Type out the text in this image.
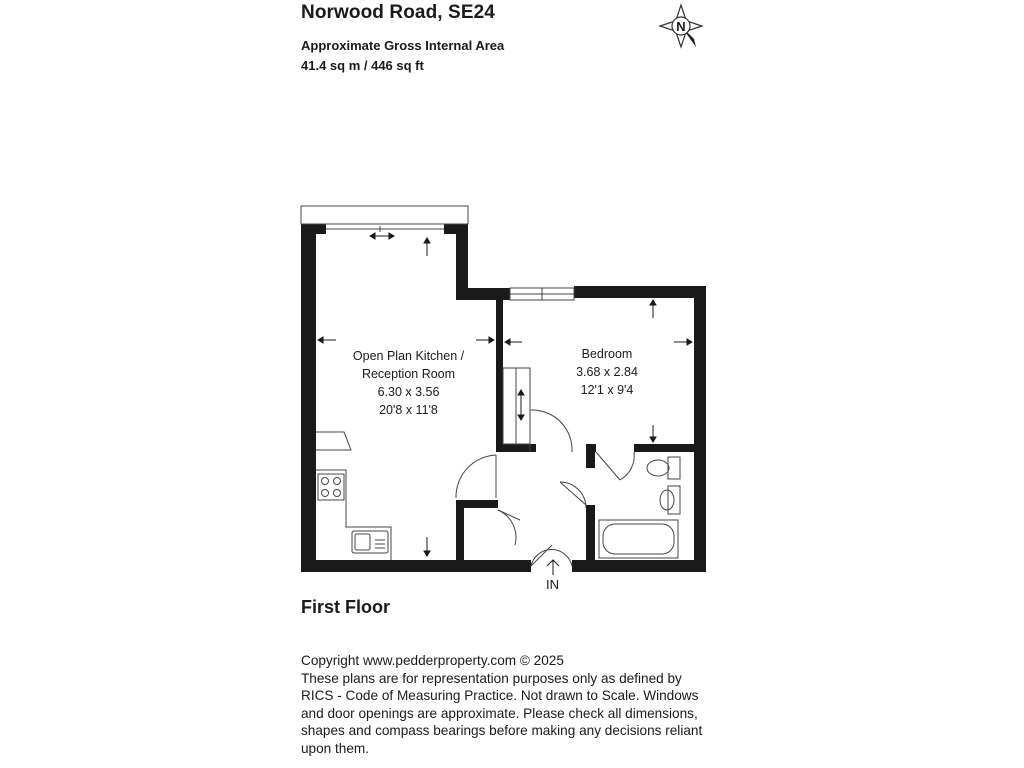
Norwood Road, SE24
Approximate Gross Internal Area
41.4 sq m / 446 sq ft
N
Open Plan Kitchen /
Reception Room
6.30 x 3.56
20'8 x 11'8
Bedroom
3.68 x 2.84
12'1 x 9'4
IN
First Floor
Copyright www.pedderproperty.com © 2025
These plans are for representation purposes only as defined by
RICS - Code of Measuring Practice. Not drawn to Scale. Windows
and door openings are approximate. Please check all dimensions,
shapes and compass bearings before making any decisions reliant
upon them.
